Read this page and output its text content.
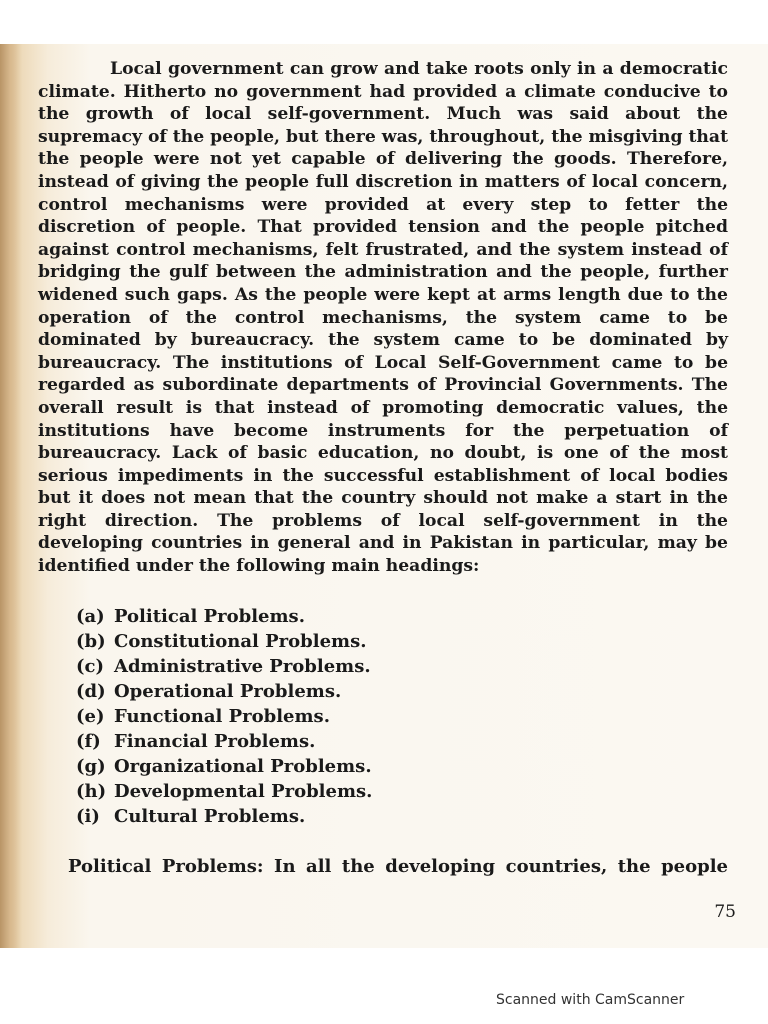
Local government can grow and take roots only in a democratic climate. Hitherto no government had provided a climate conducive to the growth of local self-government. Much was said about the supremacy of the people, but there was, throughout, the misgiving that the people were not yet capable of delivering the goods. Therefore, instead of giving the people full discretion in matters of local concern, control mechanisms were provided at every step to fetter the discretion of people. That provided tension and the people pitched against control mechanisms, felt frustrated, and the system instead of bridging the gulf between the administration and the people, further widened such gaps. As the people were kept at arms length due to the operation of the control mechanisms, the system came to be dominated by bureaucracy. the system came to be dominated by bureaucracy. The institutions of Local Self-Government came to be regarded as subordinate departments of Provincial Governments. The overall result is that instead of promoting democratic values, the institutions have become instruments for the perpetuation of bureaucracy. Lack of basic education, no doubt, is one of the most serious impediments in the successful establishment of local bodies but it does not mean that the country should not make a start in the right direction. The problems of local self-government in the developing countries in general and in Pakistan in particular, may be identified under the following main headings:

(a) Political Problems.
(b) Constitutional Problems.
(c) Administrative Problems.
(d) Operational Problems.
(e) Functional Problems.
(f) Financial Problems.
(g) Organizational Problems.
(h) Developmental Problems.
(i) Cultural Problems.

Political Problems: In all the developing countries, the people

75
Scanned with CamScanner
